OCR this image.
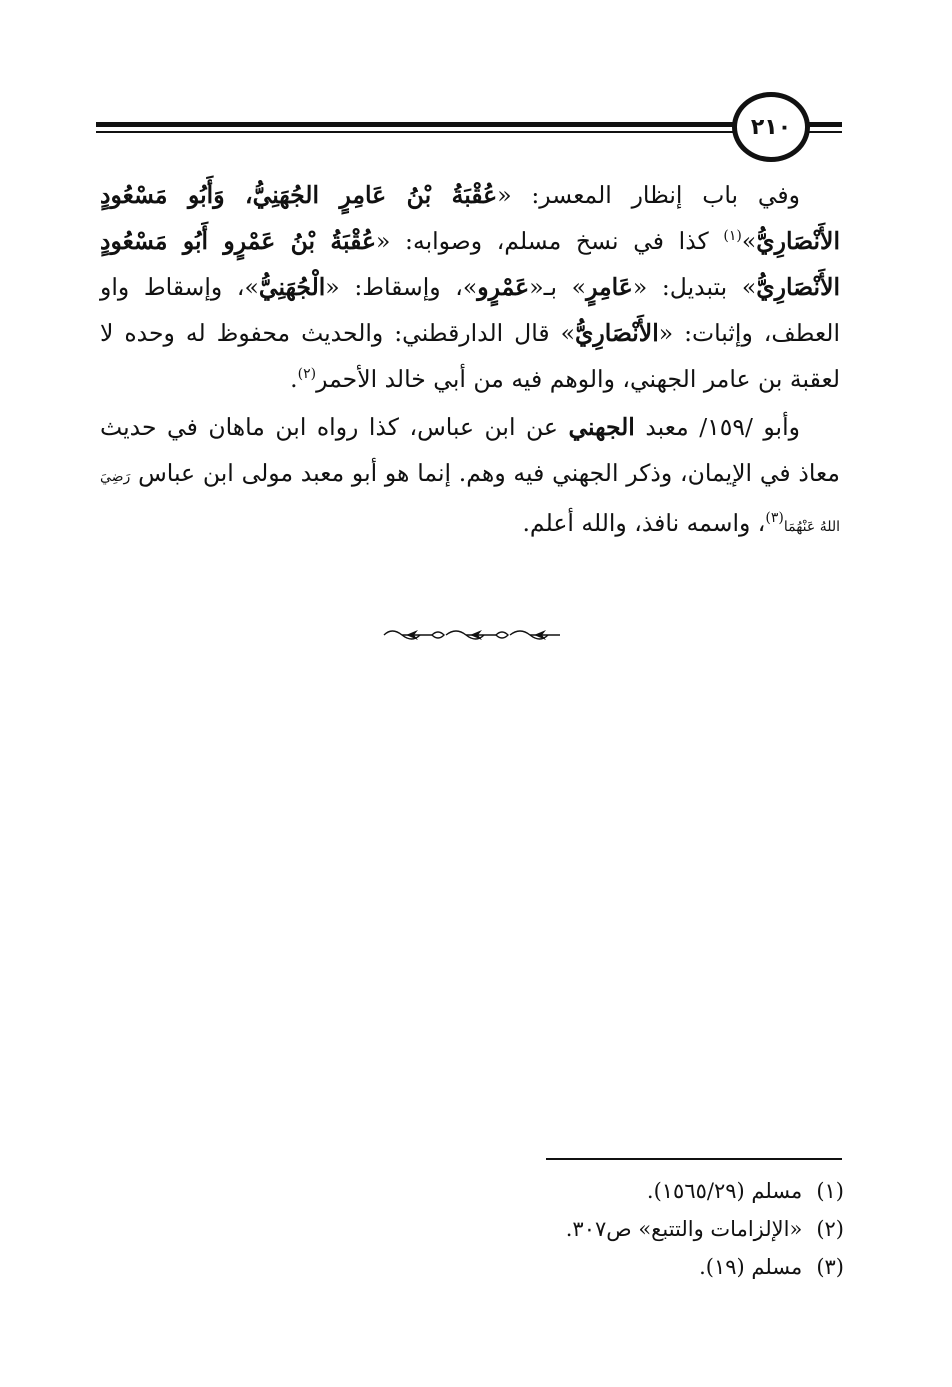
٢١٠

وفي باب إنظار المعسر: «عُقْبَةُ بْنُ عَامِرٍ الجُهَنِيُّ، وَأَبُو مَسْعُودٍ الأَنْصَارِيُّ»$^{(١)}$ كذا في نسخ مسلم، وصوابه: «عُقْبَةُ بْنُ عَمْرٍو أَبُو مَسْعُودٍ الأَنْصَارِيُّ» بتبديل: «عَامِرٍ» بـ«عَمْرٍو»، وإسقاط: «الْجُهَنِيُّ»، وإسقاط واو العطف، وإثبات: «الأَنْصَارِيُّ» قال الدارقطني: والحديث محفوظ له وحده لا لعقبة بن عامر الجهني، والوهم فيه من أبي خالد الأحمر$^{(٢)}$.

وأبو /١٥٩/ معبد الجهني عن ابن عباس، كذا رواه ابن ماهان في حديث معاذ في الإيمان، وذكر الجهني فيه وهم. إنما هو أبو معبد مولى ابن عباس رَضِيَ اللهُ عَنْهُمَا$^{(٣)}$، واسمه نافذ، والله أعلم.

(١)مسلم (١٥٦٥/٢٩).

(٢)«الإلزامات والتتبع» ص٣٠٧.

(٣)مسلم (١٩).
